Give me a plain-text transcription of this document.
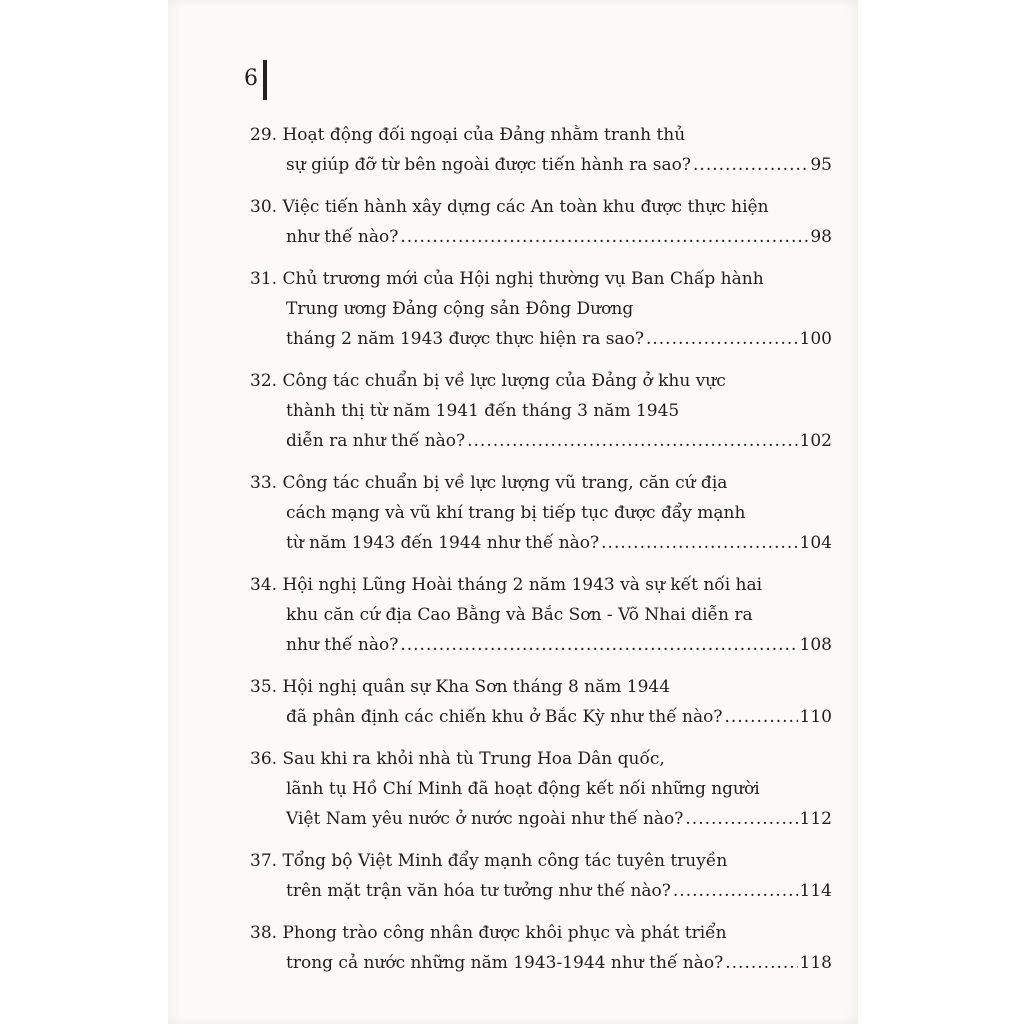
6
29. Hoạt động đối ngoại của Đảng nhằm tranh thủ
sự giúp đỡ từ bên ngoài được tiến hành ra sao? .....	95
30. Việc tiến hành xây dựng các An toàn khu được thực hiện
như thế nào? .....	98
31. Chủ trương mới của Hội nghị thường vụ Ban Chấp hành
Trung ương Đảng cộng sản Đông Dương
tháng 2 năm 1943 được thực hiện ra sao? .....	100
32. Công tác chuẩn bị về lực lượng của Đảng ở khu vực
thành thị từ năm 1941 đến tháng 3 năm 1945
diễn ra như thế nào? .....	102
33. Công tác chuẩn bị về lực lượng vũ trang, căn cứ địa
cách mạng và vũ khí trang bị tiếp tục được đẩy mạnh
từ năm 1943 đến 1944 như thế nào? .....	104
34. Hội nghị Lũng Hoài tháng 2 năm 1943 và sự kết nối hai
khu căn cứ địa Cao Bằng và Bắc Sơn - Võ Nhai diễn ra
như thế nào? .....	108
35. Hội nghị quân sự Kha Sơn tháng 8 năm 1944
đã phân định các chiến khu ở Bắc Kỳ như thế nào? .....	110
36. Sau khi ra khỏi nhà tù Trung Hoa Dân quốc,
lãnh tụ Hồ Chí Minh đã hoạt động kết nối những người
Việt Nam yêu nước ở nước ngoài như thế nào? .....	112
37. Tổng bộ Việt Minh đẩy mạnh công tác tuyên truyền
trên mặt trận văn hóa tư tưởng như thế nào? .....	114
38. Phong trào công nhân được khôi phục và phát triển
trong cả nước những năm 1943-1944 như thế nào? .....	118
